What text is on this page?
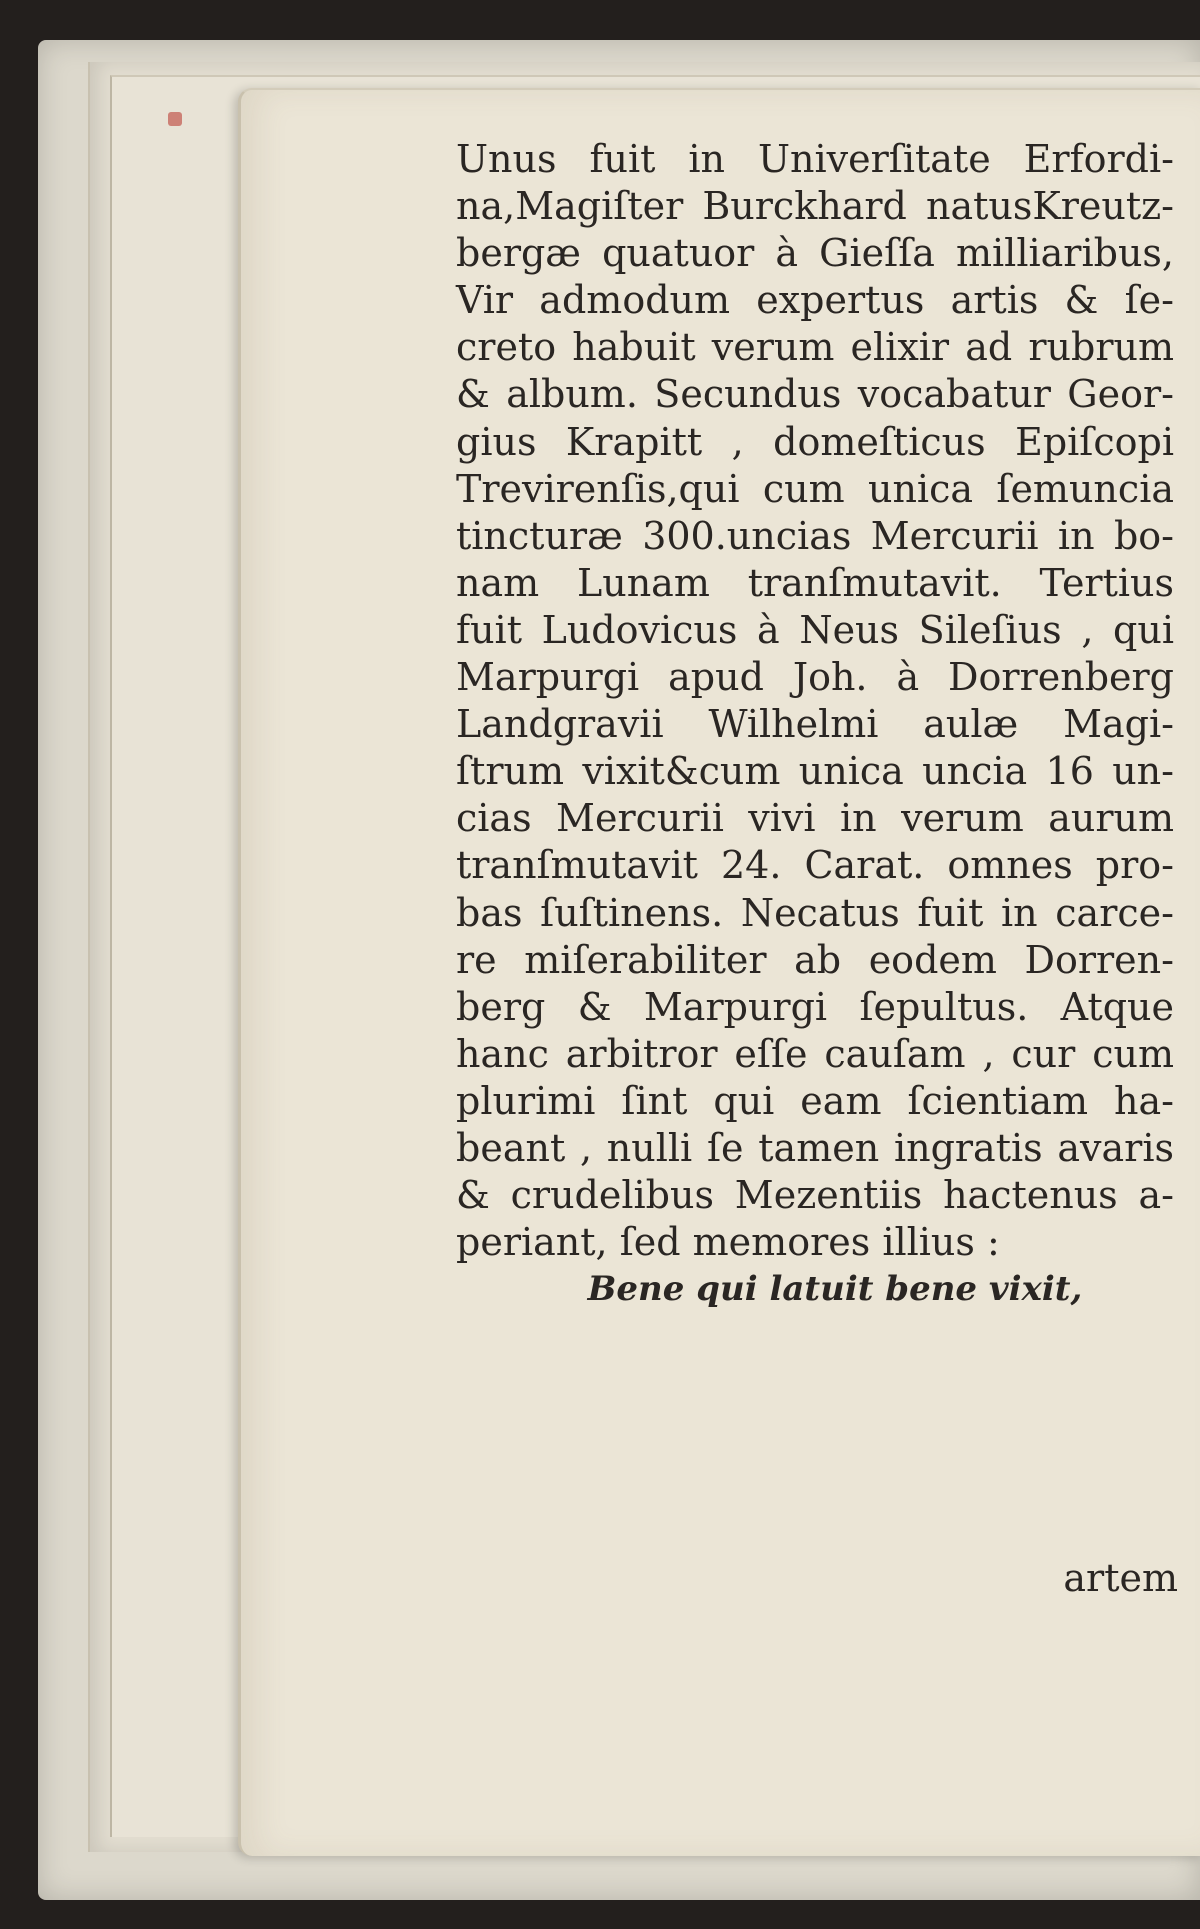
Unus fuit in Univerſitate Erfordi-
na,Magiſter Burckhard natusKreutz-
bergæ quatuor à Gieſſa milliaribus,
Vir admodum expertus artis & ſe-
creto habuit verum elixir ad rubrum
& album. Secundus vocabatur Geor-
gius Krapitt , domeſticus Epiſcopi
Trevirenſis,qui cum unica ſemuncia
tincturæ 300.uncias Mercurii in bo-
nam Lunam tranſmutavit. Tertius
fuit Ludovicus à Neus Sileſius , qui
Marpurgi apud Joh. à Dorrenberg
Landgravii Wilhelmi aulæ Magi-
ſtrum vixit&cum unica uncia 16 un-
cias Mercurii vivi in verum aurum
tranſmutavit 24. Carat. omnes pro-
bas ſuſtinens. Necatus fuit in carce-
re miſerabiliter ab eodem Dorren-
berg & Marpurgi ſepultus. Atque
hanc arbitror eſſe cauſam , cur cum
plurimi ſint qui eam ſcientiam ha-
beant , nulli ſe tamen ingratis avaris
& crudelibus Mezentiis hactenus a-
periant, ſed memores illius :
Bene qui latuit bene vixit,
artem
